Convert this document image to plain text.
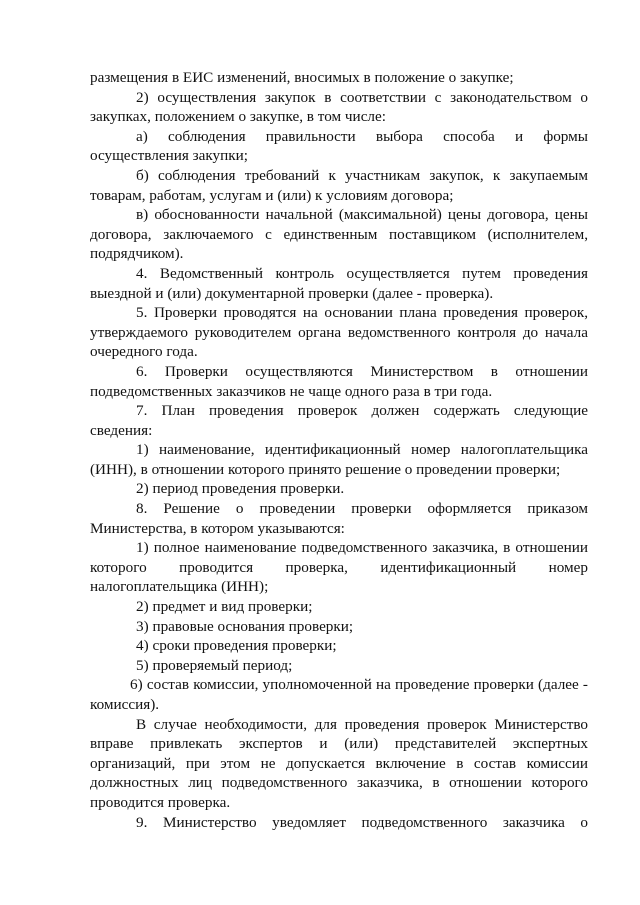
размещения в ЕИС изменений, вносимых в положение о закупке;

2) осуществления закупок в соответствии с законодательством о закупках, положением о закупке, в том числе:

а) соблюдения правильности выбора способа и формы

осуществления закупки;

б) соблюдения требований к участникам закупок, к закупаемым товарам, работам, услугам и (или) к условиям договора;

в) обоснованности начальной (максимальной) цены договора, цены договора, заключаемого с единственным поставщиком (исполнителем, подрядчиком).

4. Ведомственный контроль осуществляется путем проведения выездной и (или) документарной проверки (далее - проверка).

5. Проверки проводятся на основании плана проведения проверок, утверждаемого руководителем органа ведомственного контроля до начала очередного года.

6. Проверки осуществляются Министерством в отношении подведомственных заказчиков не чаще одного раза в три года.

7. План проведения проверок должен содержать следующие сведения:

1) наименование, идентификационный номер налогоплательщика (ИНН), в отношении которого принято решение о проведении проверки;

2) период проведения проверки.

8. Решение о проведении проверки оформляется приказом Министерства, в котором указываются:

1) полное наименование подведомственного заказчика, в отношении которого проводится проверка, идентификационный номер налогоплательщика (ИНН);

2) предмет и вид проверки;

3) правовые основания проверки;

4) сроки проведения проверки;

5) проверяемый период;

6) состав комиссии, уполномоченной на проведение проверки (далее - комиссия).

В случае необходимости, для проведения проверок Министерство вправе привлекать экспертов и (или) представителей экспертных организаций, при этом не допускается включение в состав комиссии должностных лиц подведомственного заказчика, в отношении которого проводится проверка.

9. Министерство уведомляет подведомственного заказчика о
